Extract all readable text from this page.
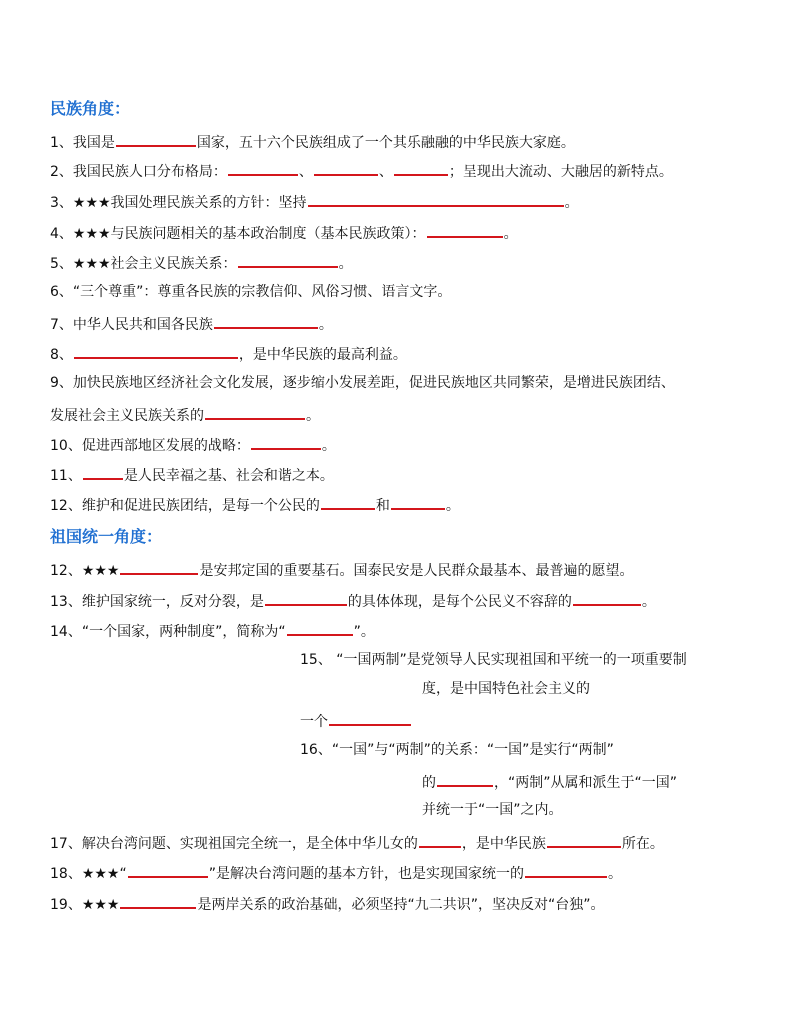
民族角度：
1、我国是	国家，五十六个民族组成了一个其乐融融的中华民族大家庭。
2、我国民族人口分布格局：	、	、	；呈现出大流动、大融居的新特点。
3、★★★我国处理民族关系的方针：坚持	。
4、★★★与民族问题相关的基本政治制度（基本民族政策）：	。
5、★★★社会主义民族关系：	。
6、“三个尊重”：尊重各民族的宗教信仰、风俗习惯、语言文字。
7、中华人民共和国各民族	。
8、	，是中华民族的最高利益。
9、加快民族地区经济社会文化发展，逐步缩小发展差距，促进民族地区共同繁荣，是增进民族团结、
发展社会主义民族关系的	。
10、促进西部地区发展的战略：	。
11、	是人民幸福之基、社会和谐之本。
12、维护和促进民族团结，是每一个公民的	和	。
祖国统一角度：
12、★★★	是安邦定国的重要基石。国泰民安是人民群众最基本、最普遍的愿望。
13、维护国家统一，反对分裂，是	的具体体现，是每个公民义不容辞的	。
14、“一个国家，两种制度”，简称为“	”。
15、 “一国两制”是党领导人民实现祖国和平统一的一项重要制
度，是中国特色社会主义的
一个
16、“一国”与“两制”的关系：“一国”是实行“两制”
的	，“两制”从属和派生于“一国”
并统一于“一国”之内。
17、解决台湾问题、实现祖国完全统一，是全体中华儿女的	，是中华民族	所在。
18、★★★“	”是解决台湾问题的基本方针，也是实现国家统一的	。
19、★★★	是两岸关系的政治基础，必须坚持“九二共识”，坚决反对“台独”。
